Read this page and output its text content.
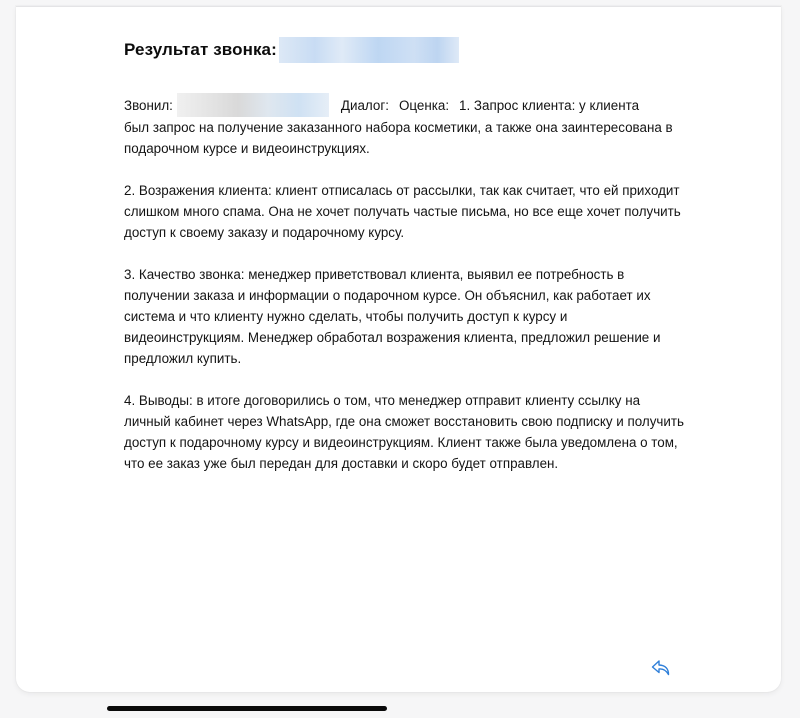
Результат звонка:
Звонил:	Диалог: Оценка: 1. Запрос клиента: у клиента
был запрос на получение заказанного набора косметики, а также она заинтересована в подарочном курсе и видеоинструкциях.
2. Возражения клиента: клиент отписалась от рассылки, так как считает, что ей приходит слишком много спама. Она не хочет получать частые письма, но все еще хочет получить доступ к своему заказу и подарочному курсу.
3. Качество звонка: менеджер приветствовал клиента, выявил ее потребность в получении заказа и информации о подарочном курсе. Он объяснил, как работает их система и что клиенту нужно сделать, чтобы получить доступ к курсу и видеоинструкциям. Менеджер обработал возражения клиента, предложил решение и предложил купить.
4. Выводы: в итоге договорились о том, что менеджер отправит клиенту ссылку на личный кабинет через WhatsApp, где она сможет восстановить свою подписку и получить доступ к подарочному курсу и видеоинструкциям. Клиент также была уведомлена о том, что ее заказ уже был передан для доставки и скоро будет отправлен.
